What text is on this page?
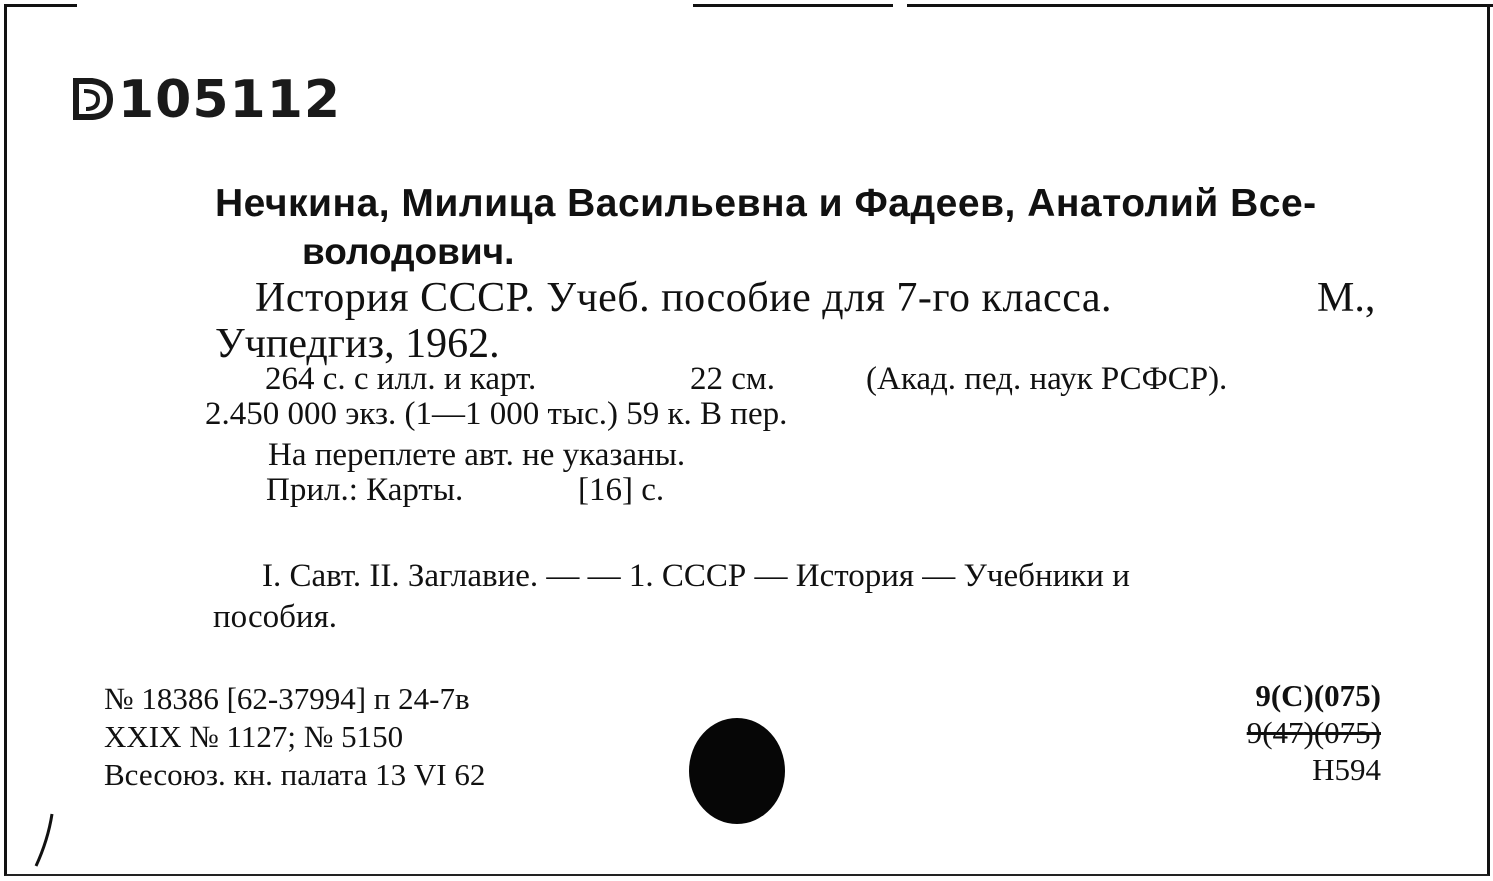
105112
Нечкина, Милица Васильевна и Фадеев, Анатолий Все-
володович.
История СССР. Учеб. пособие для 7-го класса.	М.,
Учпедгиз, 1962.
264 с. с илл. и карт.	22 см.	(Акад. пед. наук РСФСР).
2.450 000 экз. (1—1 000 тыс.) 59 к. В пер.
На переплете авт. не указаны.
Прил.: Карты.	[16] с.
I. Савт. II. Заглавие. — — 1. СССР — История — Учебники и
пособия.
№ 18386 [62-37994] п 24-7в
XXIX № 1127; № 5150
Всесоюз. кн. палата 13 VI 62
9(С)(075)
9(47)(075)
Н594
